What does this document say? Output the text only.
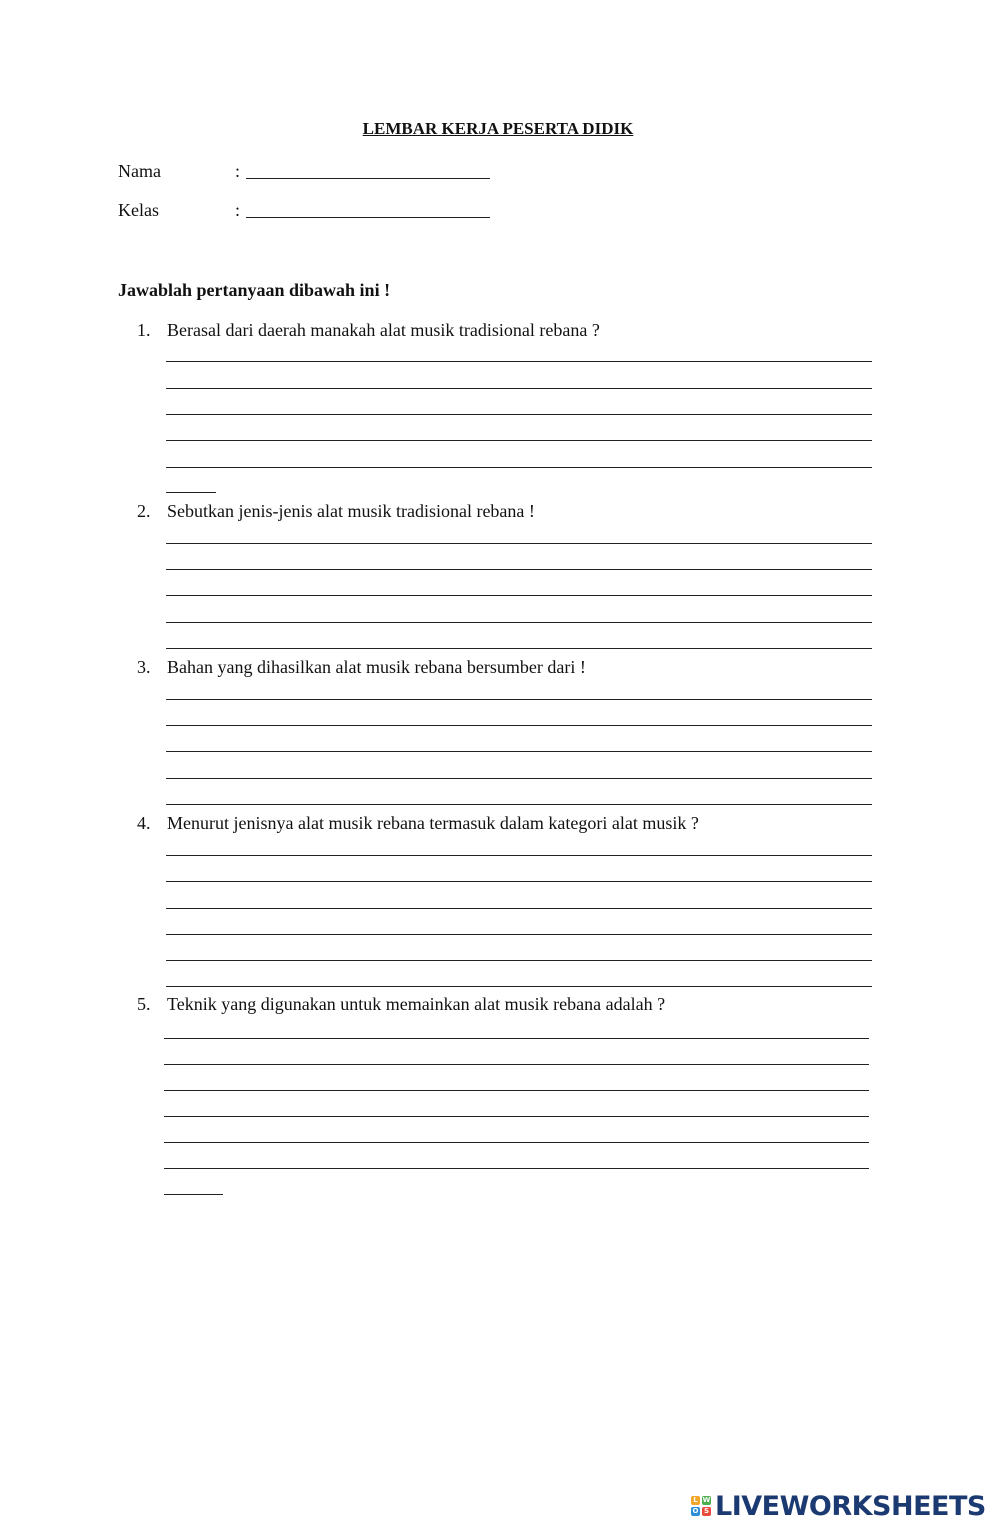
LEMBAR KERJA PESERTA DIDIK
Nama	:
Kelas	:
Jawablah pertanyaan dibawah ini !
1. Berasal dari daerah manakah alat musik tradisional rebana ?
2. Sebutkan jenis-jenis alat musik tradisional rebana !
3. Bahan yang dihasilkan alat musik rebana bersumber dari !
4. Menurut jenisnya alat musik rebana termasuk dalam kategori alat musik ?
5. Teknik yang digunakan untuk memainkan alat musik rebana adalah ?
L W
O S LIVEWORKSHEETS
